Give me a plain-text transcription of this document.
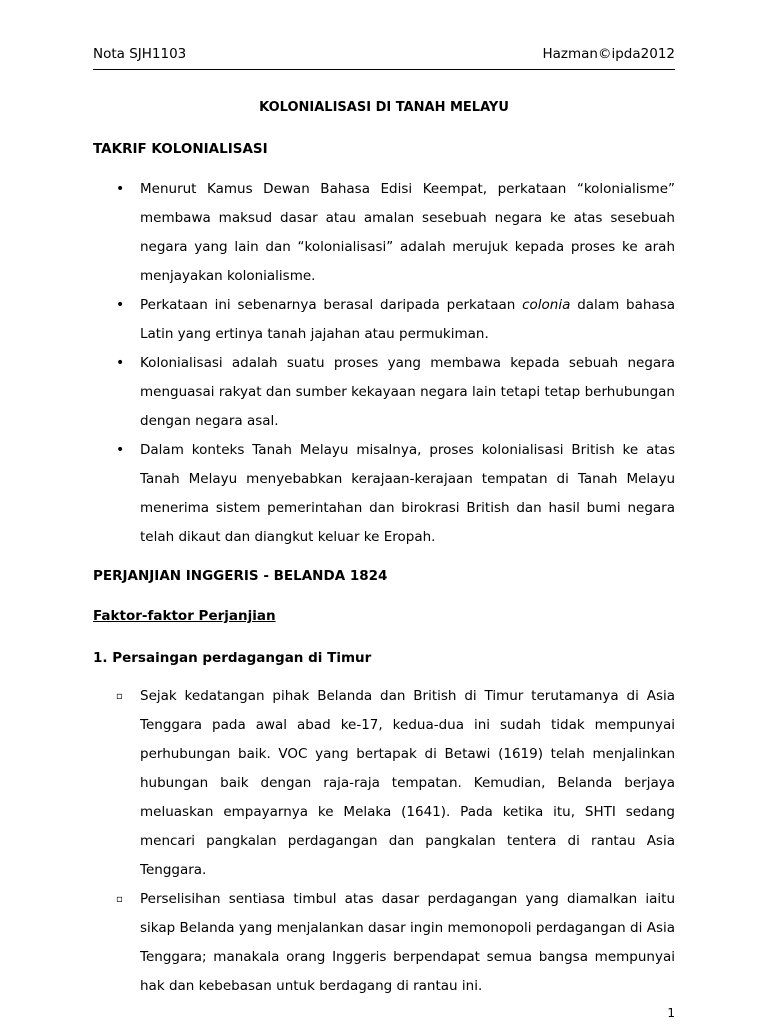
Nota SJH1103	Hazman©ipda2012
KOLONIALISASI DI TANAH MELAYU
TAKRIF KOLONIALISASI
• Menurut Kamus Dewan Bahasa Edisi Keempat, perkataan “kolonialisme” membawa maksud dasar atau amalan sesebuah negara ke atas sesebuah negara yang lain dan “kolonialisasi” adalah merujuk kepada proses ke arah menjayakan kolonialisme.
• Perkataan ini sebenarnya berasal daripada perkataan colonia dalam bahasa Latin yang ertinya tanah jajahan atau permukiman.
• Kolonialisasi adalah suatu proses yang membawa kepada sebuah negara menguasai rakyat dan sumber kekayaan negara lain tetapi tetap berhubungan dengan negara asal.
• Dalam konteks Tanah Melayu misalnya, proses kolonialisasi British ke atas Tanah Melayu menyebabkan kerajaan-kerajaan tempatan di Tanah Melayu menerima sistem pemerintahan dan birokrasi British dan hasil bumi negara telah dikaut dan diangkut keluar ke Eropah.
PERJANJIAN INGGERIS - BELANDA 1824
Faktor-faktor Perjanjian
1. Persaingan perdagangan di Timur
▫ Sejak kedatangan pihak Belanda dan British di Timur terutamanya di Asia Tenggara pada awal abad ke-17, kedua-dua ini sudah tidak mempunyai perhubungan baik. VOC yang bertapak di Betawi (1619) telah menjalinkan hubungan baik dengan raja-raja tempatan. Kemudian, Belanda berjaya meluaskan empayarnya ke Melaka (1641). Pada ketika itu, SHTI sedang mencari pangkalan perdagangan dan pangkalan tentera di rantau Asia Tenggara.
▫ Perselisihan sentiasa timbul atas dasar perdagangan yang diamalkan iaitu sikap Belanda yang menjalankan dasar ingin memonopoli perdagangan di Asia Tenggara; manakala orang Inggeris berpendapat semua bangsa mempunyai hak dan kebebasan untuk berdagang di rantau ini.
1
